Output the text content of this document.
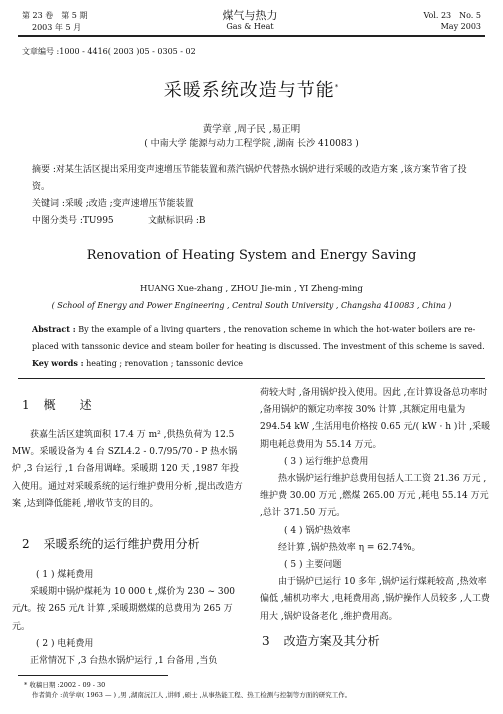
第 23 卷　第 5 期
2003 年 5 月
煤气与热力
Gas & Heat
Vol. 23　No. 5
May 2003
文章编号 :1000 - 4416( 2003 )05 - 0305 - 02
采暖系统改造与节能*
黄学章 ,周子民 ,易正明
( 中南大学 能源与动力工程学院 ,湖南 长沙 410083 )
摘要 :对某生活区提出采用变声速增压节能装置和蒸汽锅炉代替热水锅炉进行采暖的改造方案 ,该方案节省了投资。
关键词 :采暖 ;改造 ;变声速增压节能装置
中图分类号 :TU995	文献标识码 :B
Renovation of Heating System and Energy Saving
HUANG Xue-zhang , ZHOU Jie-min , YI Zheng-ming
( School of Energy and Power Engineering , Central South University , Changsha 410083 , China )
Abstract : By the example of a living quarters , the renovation scheme in which the hot-water boilers are re-
placed with tanssonic device and steam boiler for heating is discussed. The investment of this scheme is saved.
Key words : heating ; renovation ; tanssonic device
1 概　　述

获嘉生活区建筑面积 17.4 万 m² ,供热负荷为 12.5 MW。采暖设备为 4 台 SZL4.2 - 0.7/95/70 - P 热水锅炉 ,3 台运行 ,1 台备用调峰。采暖期 120 天 ,1987 年投入使用。通过对采暖系统的运行维护费用分析 ,提出改造方案 ,达到降低能耗 ,增收节支的目的。

2 采暖系统的运行维护费用分析

( 1 ) 煤耗费用

采暖期中锅炉煤耗为 10 000 t ,煤价为 230 ~ 300 元/t。按 265 元/t 计算 ,采暖期燃煤的总费用为 265 万元。

( 2 ) 电耗费用

正常情况下 ,3 台热水锅炉运行 ,1 台备用 ,当负

荷较大时 ,备用锅炉投入使用。因此 ,在计算设备总功率时 ,备用锅炉的额定功率按 30% 计算 ,其额定用电量为 294.54 kW ,生活用电价格按 0.65 元/( kW · h )计 ,采暖期电耗总费用为 55.14 万元。

( 3 ) 运行维护总费用

热水锅炉运行维护总费用包括人工工资 21.36 万元 ,维护费 30.00 万元 ,燃煤 265.00 万元 ,耗电 55.14 万元 ,总计 371.50 万元。

( 4 ) 锅炉热效率

经计算 ,锅炉热效率 η = 62.74%。

( 5 ) 主要问题

由于锅炉已运行 10 多年 ,锅炉运行煤耗较高 ,热效率偏低 ,辅机功率大 ,电耗费用高 ,锅炉操作人员较多 ,人工费用大 ,锅炉设备老化 ,维护费用高。

3 改造方案及其分析
* 收稿日期 :2002 - 09 - 30
作者简介 :黄学章( 1963 — ) ,男 ,湖南沅江人 ,讲师 ,硕士 ,从事热能工程、热工检测与控制等方面的研究工作。
